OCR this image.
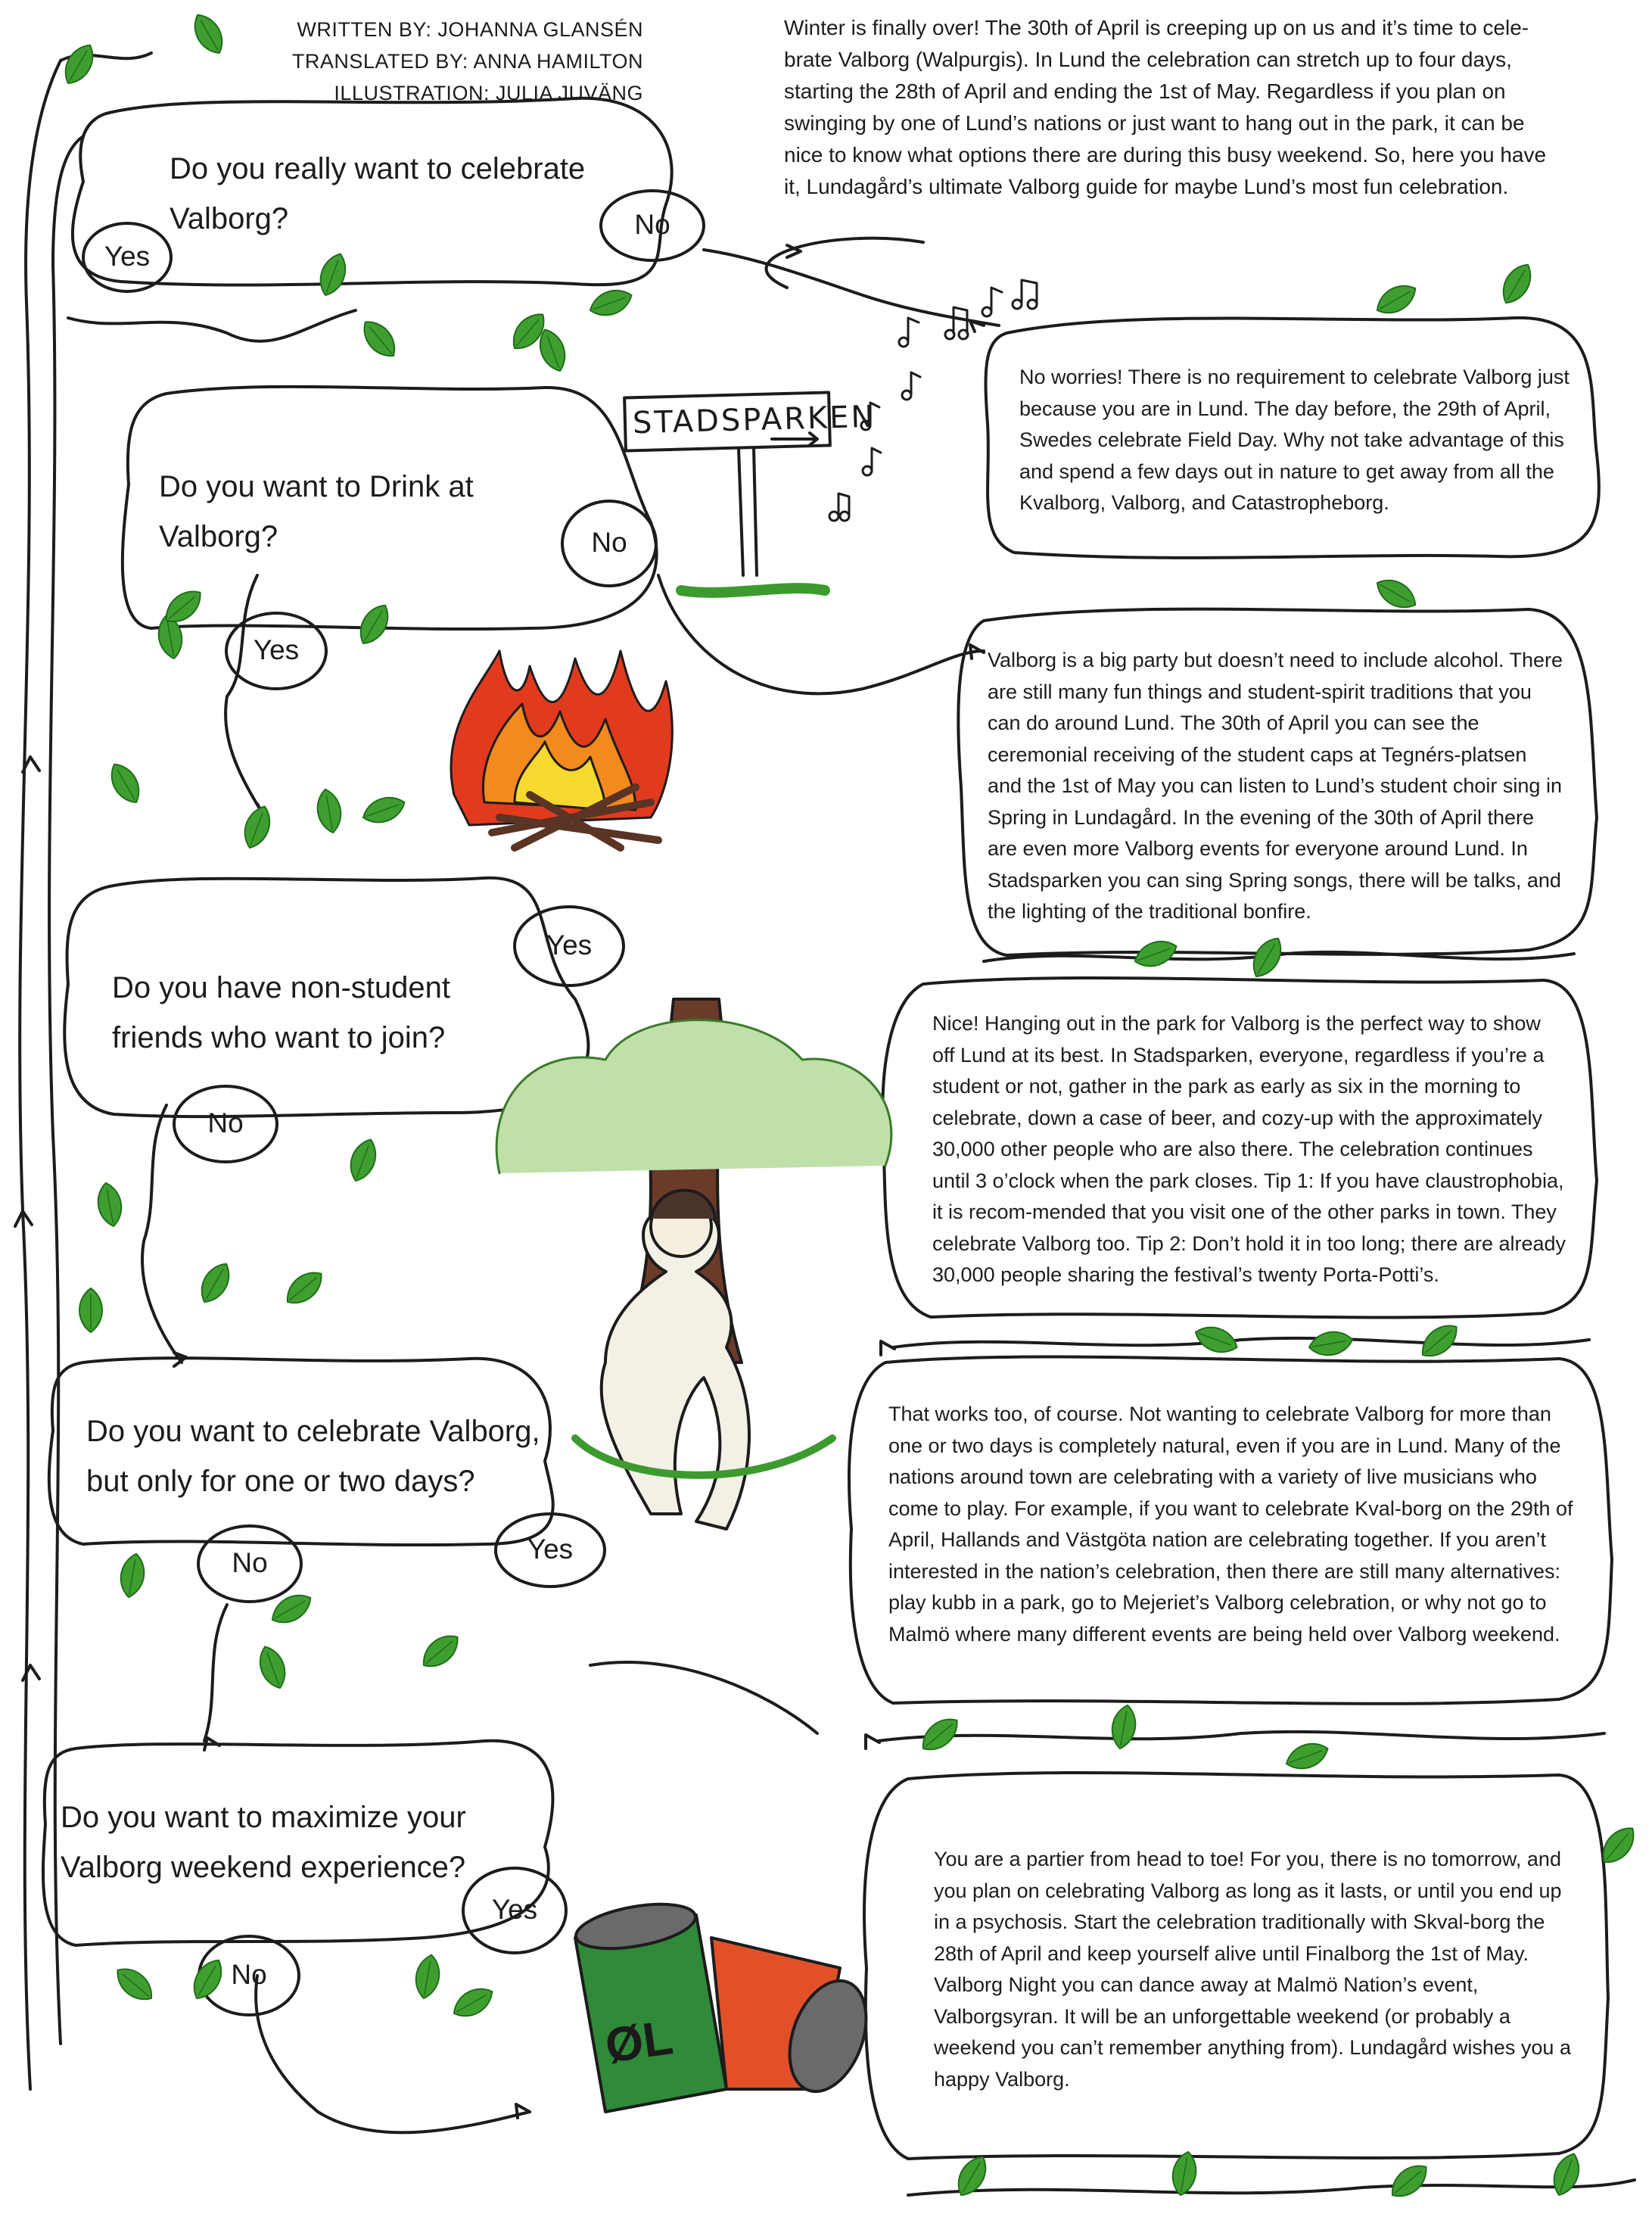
WRITTEN BY: JOHANNA GLANSÉN
TRANSLATED BY: ANNA HAMILTON
ILLUSTRATION: JULIA JUVÄNG
Winter is finally over! The 30th of April is creeping up on us and it’s time to cele-brate Valborg (Walpurgis). In Lund the celebration can stretch up to four days, starting the 28th of April and ending the 1st of May. Regardless if you plan on swinging by one of Lund’s nations or just want to hang out in the park, it can be nice to know what options there are during this busy weekend. So, here you have it, Lundagård’s ultimate Valborg guide for maybe Lund’s most fun celebration.
Do you really want to celebrate Valborg?
Do you want to Drink at Valborg?
Do you have non-student friends who want to join?
Do you want to celebrate Valborg, but only for one or two days?
Do you want to maximize your Valborg weekend experience?
Yes
No
No
Yes
Yes
No
No	Yes
Yes
No
No worries! There is no requirement to celebrate Valborg just because you are in Lund. The day before, the 29th of April, Swedes celebrate Field Day. Why not take advantage of this and spend a few days out in nature to get away from all the Kvalborg, Valborg, and Catastropheborg.
Valborg is a big party but doesn’t need to include alcohol. There are still many fun things and student-spirit traditions that you can do around Lund. The 30th of April you can see the ceremonial receiving of the student caps at Tegnérs-platsen and the 1st of May you can listen to Lund’s student choir sing in Spring in Lundagård. In the evening of the 30th of April there are even more Valborg events for everyone around Lund. In Stadsparken you can sing Spring songs, there will be talks, and the lighting of the traditional bonfire.
Nice! Hanging out in the park for Valborg is the perfect way to show off Lund at its best. In Stadsparken, everyone, regardless if you’re a student or not, gather in the park as early as six in the morning to celebrate, down a case of beer, and cozy-up with the approximately 30,000 other people who are also there. The celebration continues until 3 o’clock when the park closes. Tip 1: If you have claustrophobia, it is recom-mended that you visit one of the other parks in town. They celebrate Valborg too. Tip 2: Don’t hold it in too long; there are already 30,000 people sharing the festival’s twenty Porta-Potti’s.
That works too, of course. Not wanting to celebrate Valborg for more than one or two days is completely natural, even if you are in Lund. Many of the nations around town are celebrating with a variety of live musicians who come to play. For example, if you want to celebrate Kval-borg on the 29th of April, Hallands and Västgöta nation are celebrating together. If you aren’t interested in the nation’s celebration, then there are still many alternatives: play kubb in a park, go to Mejeriet’s Valborg celebration, or why not go to Malmö where many different events are being held over Valborg weekend.
You are a partier from head to toe! For you, there is no tomorrow, and you plan on celebrating Valborg as long as it lasts, or until you end up in a psychosis. Start the celebration traditionally with Skval-borg the 28th of April and keep yourself alive until Finalborg the 1st of May. Valborg Night you can dance away at Malmö Nation’s event, Valborgsyran. It will be an unforgettable weekend (or probably a weekend you can’t remember anything from). Lundagård wishes you a happy Valborg.
STADSPARKEN
ØL
